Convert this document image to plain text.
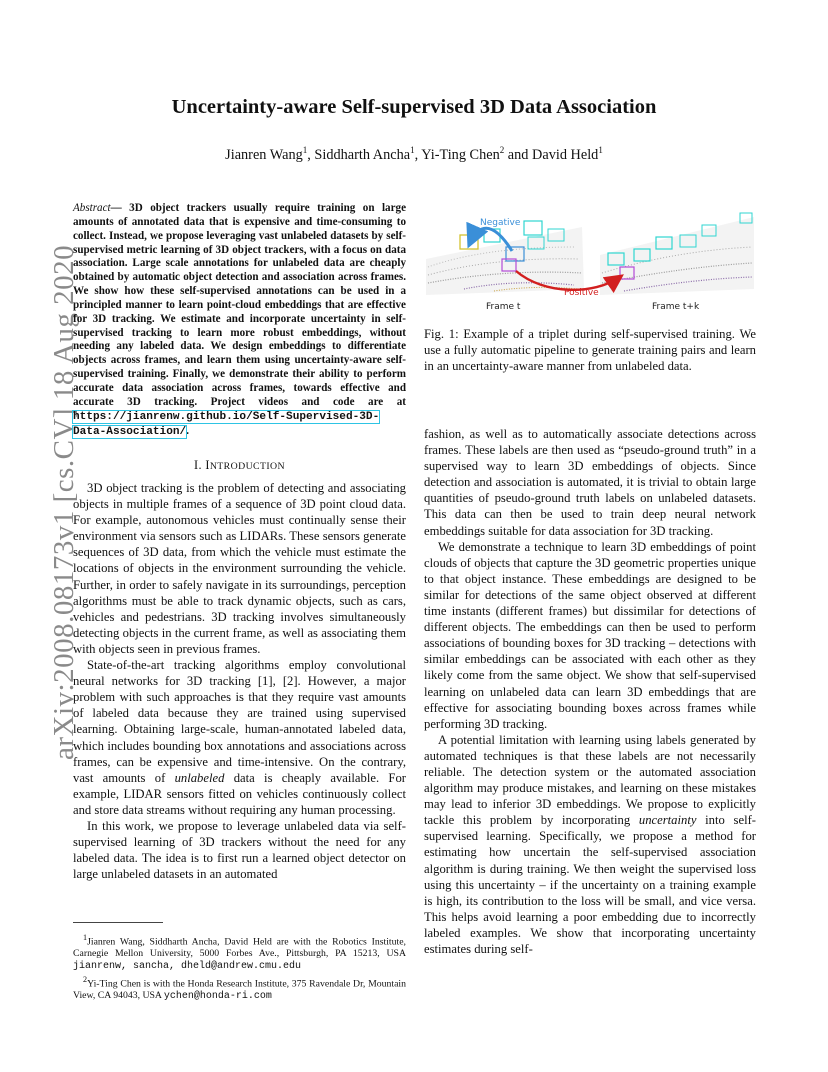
Uncertainty-aware Self-supervised 3D Data Association
Jianren Wang$^1$, Siddharth Ancha$^1$, Yi-Ting Chen$^2$ and David Held$^1$
arXiv:2008.08173v1 [cs.CV] 18 Aug 2020
Abstract— 3D object trackers usually require training on large amounts of annotated data that is expensive and time-consuming to collect. Instead, we propose leveraging vast unlabeled datasets by self-supervised metric learning of 3D object trackers, with a focus on data association. Large scale annotations for unlabeled data are cheaply obtained by automatic object detection and association across frames. We show how these self-supervised annotations can be used in a principled manner to learn point-cloud embeddings that are effective for 3D tracking. We estimate and incorporate uncertainty in self-supervised tracking to learn more robust embeddings, without needing any labeled data. We design embeddings to differentiate objects across frames, and learn them using uncertainty-aware self-supervised training. Finally, we demonstrate their ability to perform accurate data association across frames, towards effective and accurate 3D tracking. Project videos and code are at https://jianrenw.github.io/Self-Supervised-3D-Data-Association/.
I. INTRODUCTION

3D object tracking is the problem of detecting and associating objects in multiple frames of a sequence of 3D point cloud data. For example, autonomous vehicles must continually sense their environment via sensors such as LIDARs. These sensors generate sequences of 3D data, from which the vehicle must estimate the locations of objects in the environment surrounding the vehicle. Further, in order to safely navigate in its surroundings, perception algorithms must be able to track dynamic objects, such as cars, vehicles and pedestrians. 3D tracking involves simultaneously detecting objects in the current frame, as well as associating them with objects seen in previous frames.

State-of-the-art tracking algorithms employ convolutional neural networks for 3D tracking [1], [2]. However, a major problem with such approaches is that they require vast amounts of labeled data because they are trained using supervised learning. Obtaining large-scale, human-annotated labeled data, which includes bounding box annotations and associations across frames, can be expensive and time-intensive. On the contrary, vast amounts of unlabeled data is cheaply available. For example, LIDAR sensors fitted on vehicles continuously collect and store data streams without requiring any human processing.

In this work, we propose to leverage unlabeled data via self-supervised learning of 3D trackers without the need for any labeled data. The idea is to first run a learned object detector on large unlabeled datasets in an automated

$^1$Jianren Wang, Siddharth Ancha, David Held are with the Robotics Institute, Carnegie Mellon University, 5000 Forbes Ave., Pittsburgh, PA 15213, USA jianrenw, sancha, dheld@andrew.cmu.edu
$^2$Yi-Ting Chen is with the Honda Research Institute, 375 Ravendale Dr, Mountain View, CA 94043, USA ychen@honda-ri.com
Negative
Positive
Frame t	Frame t+k
Fig. 1: Example of a triplet during self-supervised training. We use a fully automatic pipeline to generate training pairs and learn in an uncertainty-aware manner from unlabeled data.

fashion, as well as to automatically associate detections across frames. These labels are then used as “pseudo-ground truth” in a supervised way to learn 3D embeddings of objects. Since detection and association is automated, it is trivial to obtain large quantities of pseudo-ground truth labels on unlabeled datasets. This data can then be used to train deep neural network embeddings suitable for data association for 3D tracking.

We demonstrate a technique to learn 3D embeddings of point clouds of objects that capture the 3D geometric properties unique to that object instance. These embeddings are designed to be similar for detections of the same object observed at different time instants (different frames) but dissimilar for detections of different objects. The embeddings can then be used to perform associations of bounding boxes for 3D tracking – detections with similar embeddings can be associated with each other as they likely come from the same object. We show that self-supervised learning on unlabeled data can learn 3D embeddings that are effective for associating bounding boxes across frames while performing 3D tracking.

A potential limitation with learning using labels generated by automated techniques is that these labels are not necessarily reliable. The detection system or the automated association algorithm may produce mistakes, and learning on these mistakes may lead to inferior 3D embeddings. We propose to explicitly tackle this problem by incorporating uncertainty into self-supervised learning. Specifically, we propose a method for estimating how uncertain the self-supervised association algorithm is during training. We then weight the supervised loss using this uncertainty – if the uncertainty on a training example is high, its contribution to the loss will be small, and vice versa. This helps avoid learning a poor embedding due to incorrectly labeled examples. We show that incorporating uncertainty estimates during self-
